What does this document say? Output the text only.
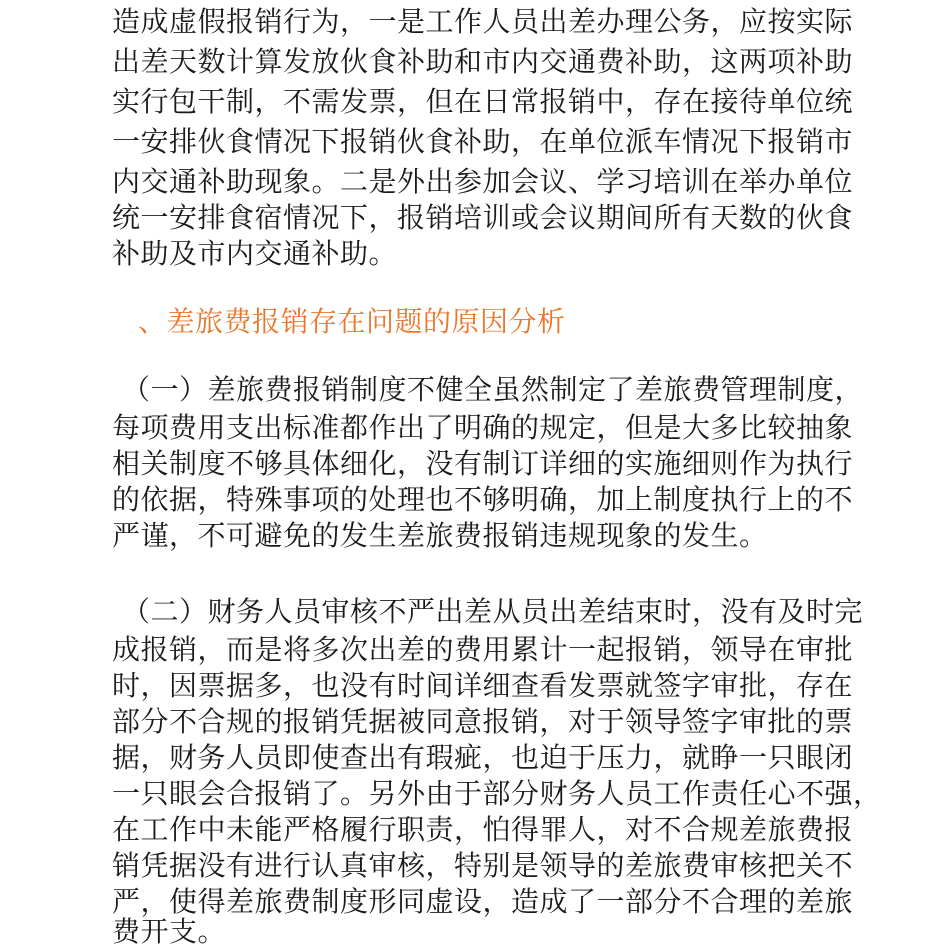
造成虚假报销行为，一是工作人员出差办理公务，应按实际
出差天数计算发放伙食补助和市内交通费补助，这两项补助
实行包干制，不需发票，但在日常报销中，存在接待单位统
一安排伙食情况下报销伙食补助，在单位派车情况下报销市
内交通补助现象。二是外出参加会议、学习培训在举办单位
统一安排食宿情况下，报销培训或会议期间所有天数的伙食
补助及市内交通补助。
、差旅费报销存在问题的原因分析
（一）差旅费报销制度不健全虽然制定了差旅费管理制度，
每项费用支出标准都作出了明确的规定，但是大多比较抽象
相关制度不够具体细化，没有制订详细的实施细则作为执行
的依据，特殊事项的处理也不够明确，加上制度执行上的不
严谨，不可避免的发生差旅费报销违规现象的发生。
（二）财务人员审核不严出差从员出差结束时，没有及时完
成报销，而是将多次出差的费用累计一起报销，领导在审批
时，因票据多，也没有时间详细查看发票就签字审批，存在
部分不合规的报销凭据被同意报销，对于领导签字审批的票
据，财务人员即使查出有瑕疵，也迫于压力，就睁一只眼闭
一只眼会合报销了。另外由于部分财务人员工作责任心不强，
在工作中未能严格履行职责，怕得罪人，对不合规差旅费报
销凭据没有进行认真审核，特别是领导的差旅费审核把关不
严，使得差旅费制度形同虚设，造成了一部分不合理的差旅
费开支。
